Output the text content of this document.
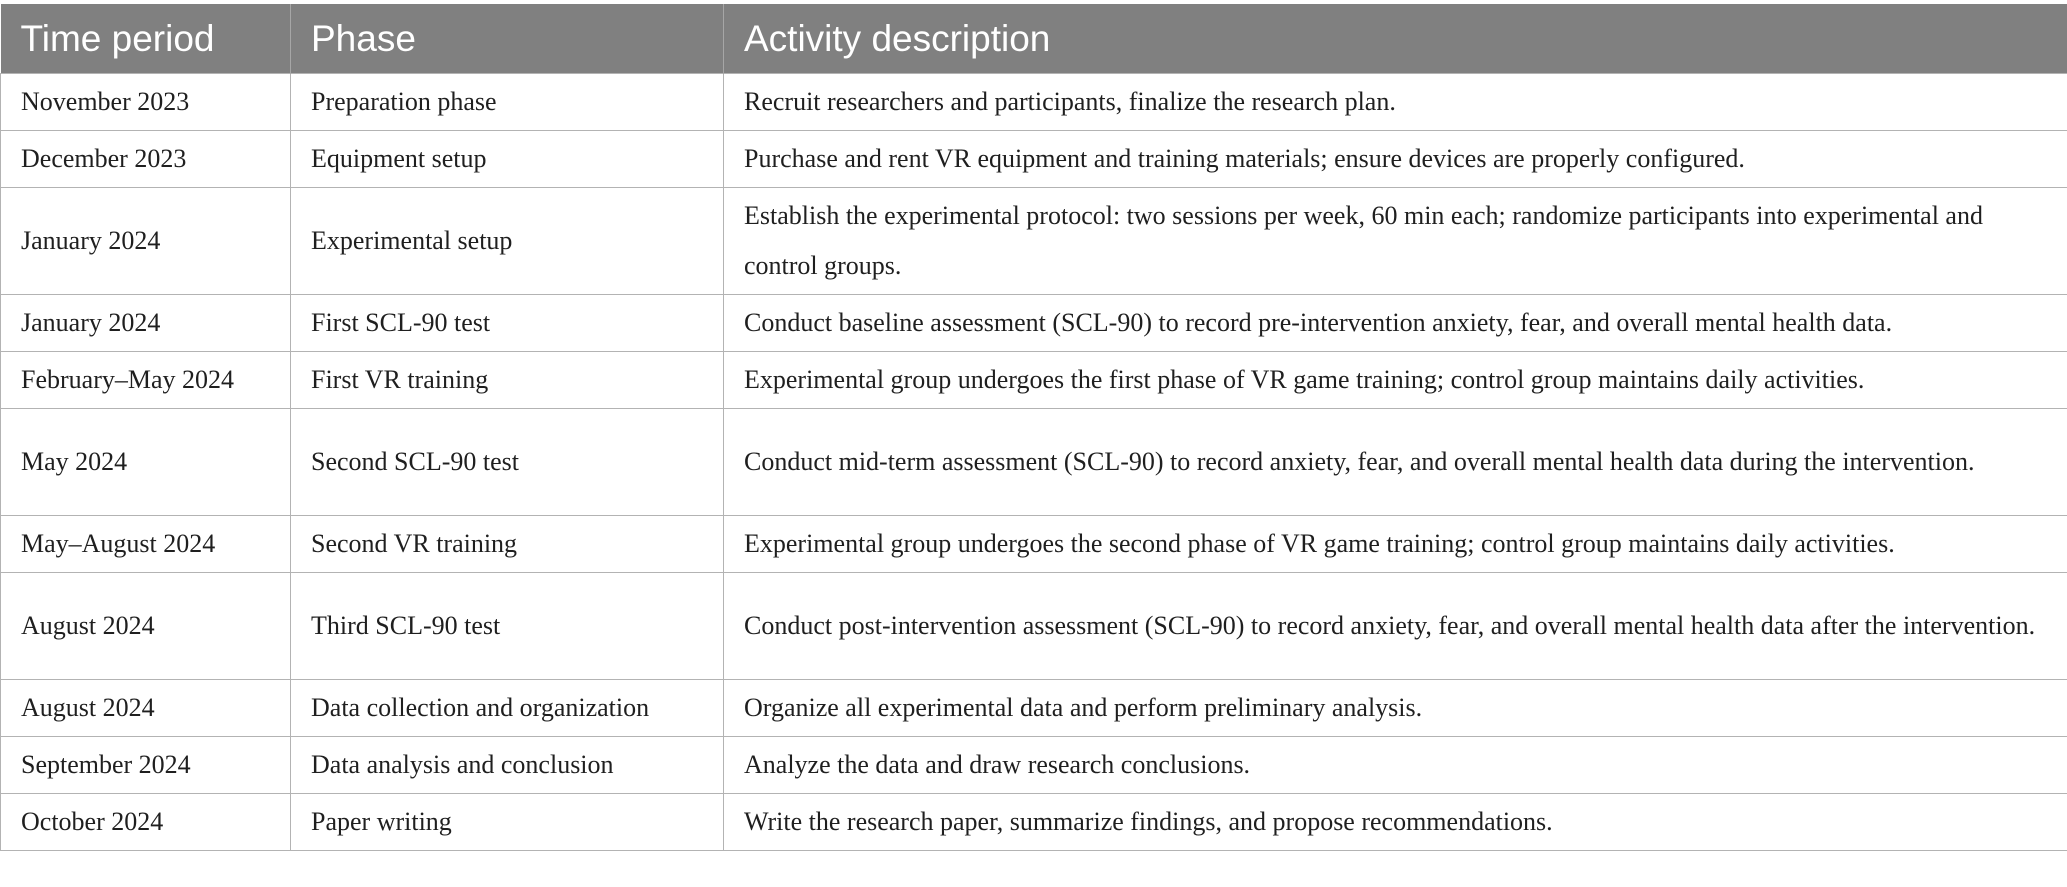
Time period	Phase	Activity description
November 2023	Preparation phase	Recruit researchers and participants, finalize the research plan.
December 2023	Equipment setup	Purchase and rent VR equipment and training materials; ensure devices are properly configured.
January 2024	Experimental setup	Establish the experimental protocol: two sessions per week, 60 min each; randomize participants into experimental and control groups.
January 2024	First SCL-90 test	Conduct baseline assessment (SCL-90) to record pre-intervention anxiety, fear, and overall mental health data.
February–May 2024	First VR training	Experimental group undergoes the first phase of VR game training; control group maintains daily activities.
May 2024	Second SCL-90 test	Conduct mid-term assessment (SCL-90) to record anxiety, fear, and overall mental health data during the intervention.
May–August 2024	Second VR training	Experimental group undergoes the second phase of VR game training; control group maintains daily activities.
August 2024	Third SCL-90 test	Conduct post-intervention assessment (SCL-90) to record anxiety, fear, and overall mental health data after the intervention.
August 2024	Data collection and organization	Organize all experimental data and perform preliminary analysis.
September 2024	Data analysis and conclusion	Analyze the data and draw research conclusions.
October 2024	Paper writing	Write the research paper, summarize findings, and propose recommendations.
